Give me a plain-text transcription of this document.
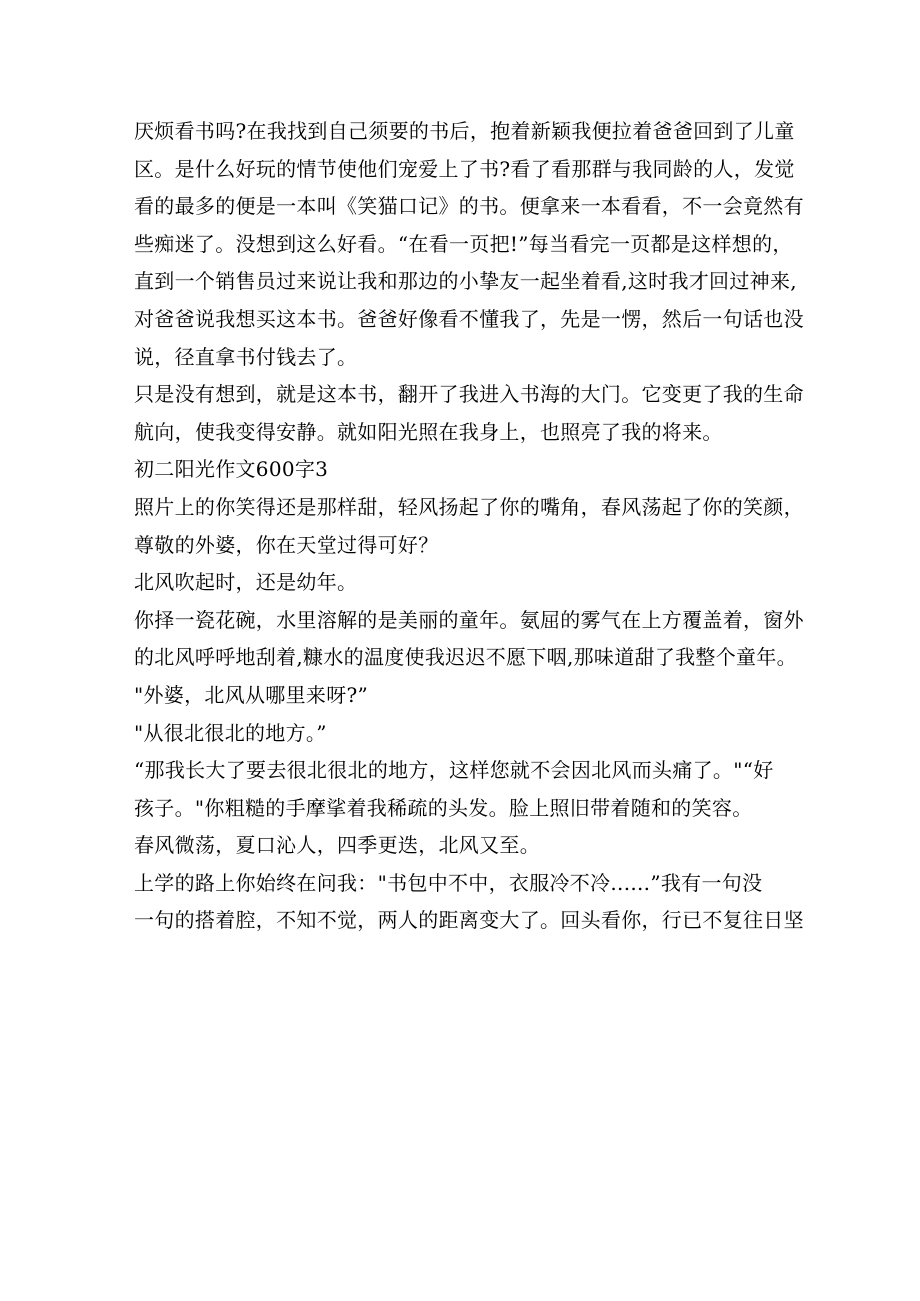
厌烦看书吗?在我找到自己须要的书后，抱着新颖我便拉着爸爸回到了儿童
区。是什么好玩的情节使他们宠爱上了书?看了看那群与我同龄的人，发觉
看的最多的便是一本叫《笑猫口记》的书。便拿来一本看看，不一会竟然有
些痴迷了。没想到这么好看。“在看一页把!”每当看完一页都是这样想的，
直到一个销售员过来说让我和那边的小挚友一起坐着看,这时我才回过神来,
对爸爸说我想买这本书。爸爸好像看不懂我了，先是一愣，然后一句话也没
说，径直拿书付钱去了。
只是没有想到，就是这本书，翻开了我进入书海的大门。它变更了我的生命
航向，使我变得安静。就如阳光照在我身上，也照亮了我的将来。
初二阳光作文600字3
照片上的你笑得还是那样甜，轻风扬起了你的嘴角，春风荡起了你的笑颜，
尊敬的外婆，你在天堂过得可好？
北风吹起时，还是幼年。
你择一瓷花碗，水里溶解的是美丽的童年。氨屈的雾气在上方覆盖着，窗外
的北风呼呼地刮着,糠水的温度使我迟迟不愿下咽,那味道甜了我整个童年。
"外婆，北风从哪里来呀?”
"从很北很北的地方。”
“那我长大了要去很北很北的地方，这样您就不会因北风而头痛了。"“好
孩子。"你粗糙的手摩挲着我稀疏的头发。脸上照旧带着随和的笑容。
春风微荡，夏口沁人，四季更迭，北风又至。
上学的路上你始终在问我："书包中不中，衣服冷不冷......”我有一句没
一句的搭着腔，不知不觉，两人的距离变大了。回头看你，行已不复往日坚
